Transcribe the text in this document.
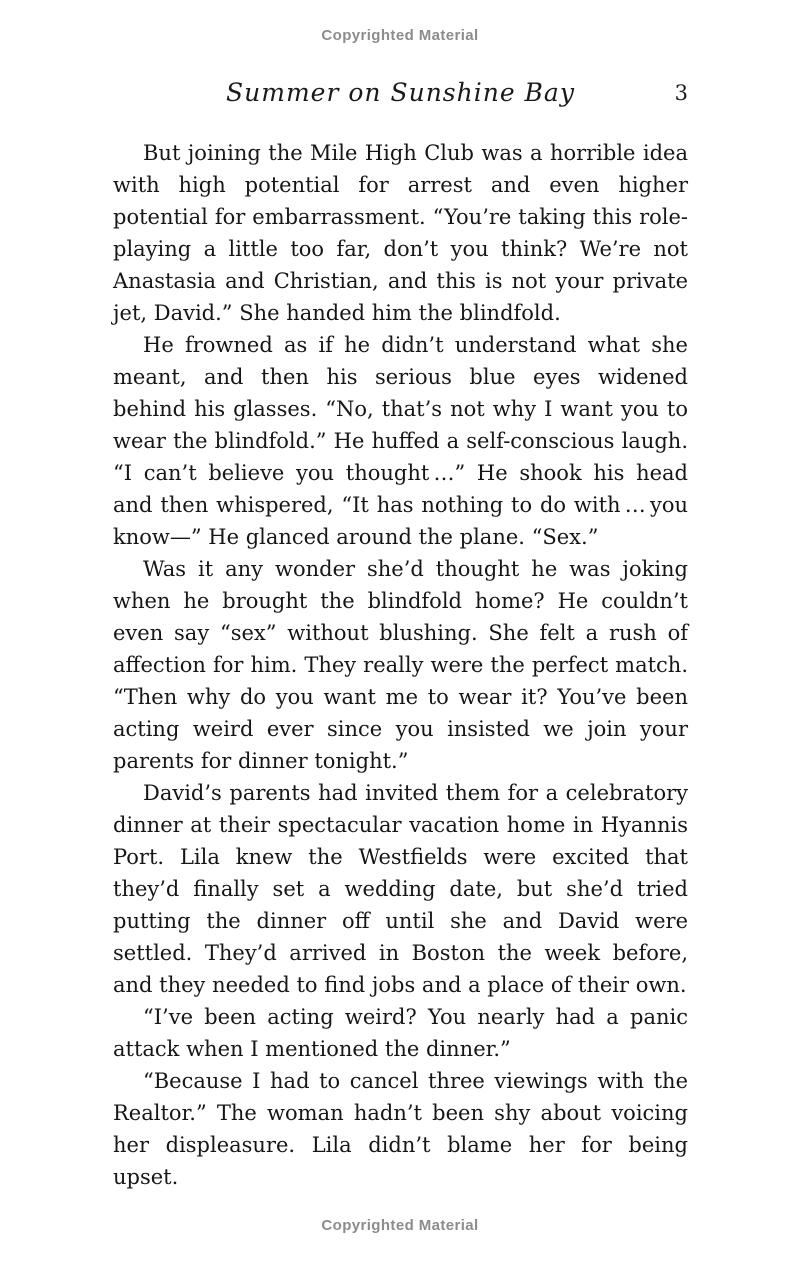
Copyrighted Material
Summer on Sunshine Bay	3

But joining the Mile High Club was a horrible idea with high potential for arrest and even higher potential for embarrassment. “You’re taking this role-playing a little too far, don’t you think? We’re not Anastasia and Christian, and this is not your private jet, David.” She handed him the blindfold.

He frowned as if he didn’t understand what she meant, and then his serious blue eyes widened behind his glasses. “No, that’s not why I want you to wear the blindfold.” He huffed a self-conscious laugh. “I can’t believe you thought …” He shook his head and then whispered, “It has nothing to do with … you know—” He glanced around the plane. “Sex.”

Was it any wonder she’d thought he was joking when he brought the blindfold home? He couldn’t even say “sex” without blushing. She felt a rush of affection for him. They really were the perfect match. “Then why do you want me to wear it? You’ve been acting weird ever since you insisted we join your parents for dinner tonight.”

David’s parents had invited them for a celebratory dinner at their spectacular vacation home in Hyannis Port. Lila knew the Westfields were excited that they’d finally set a wedding date, but she’d tried putting the dinner off until she and David were settled. They’d arrived in Boston the week before, and they needed to find jobs and a place of their own.

“I’ve been acting weird? You nearly had a panic attack when I mentioned the dinner.”

“Because I had to cancel three viewings with the Realtor.” The woman hadn’t been shy about voicing her displeasure. Lila didn’t blame her for being upset.

Copyrighted Material
